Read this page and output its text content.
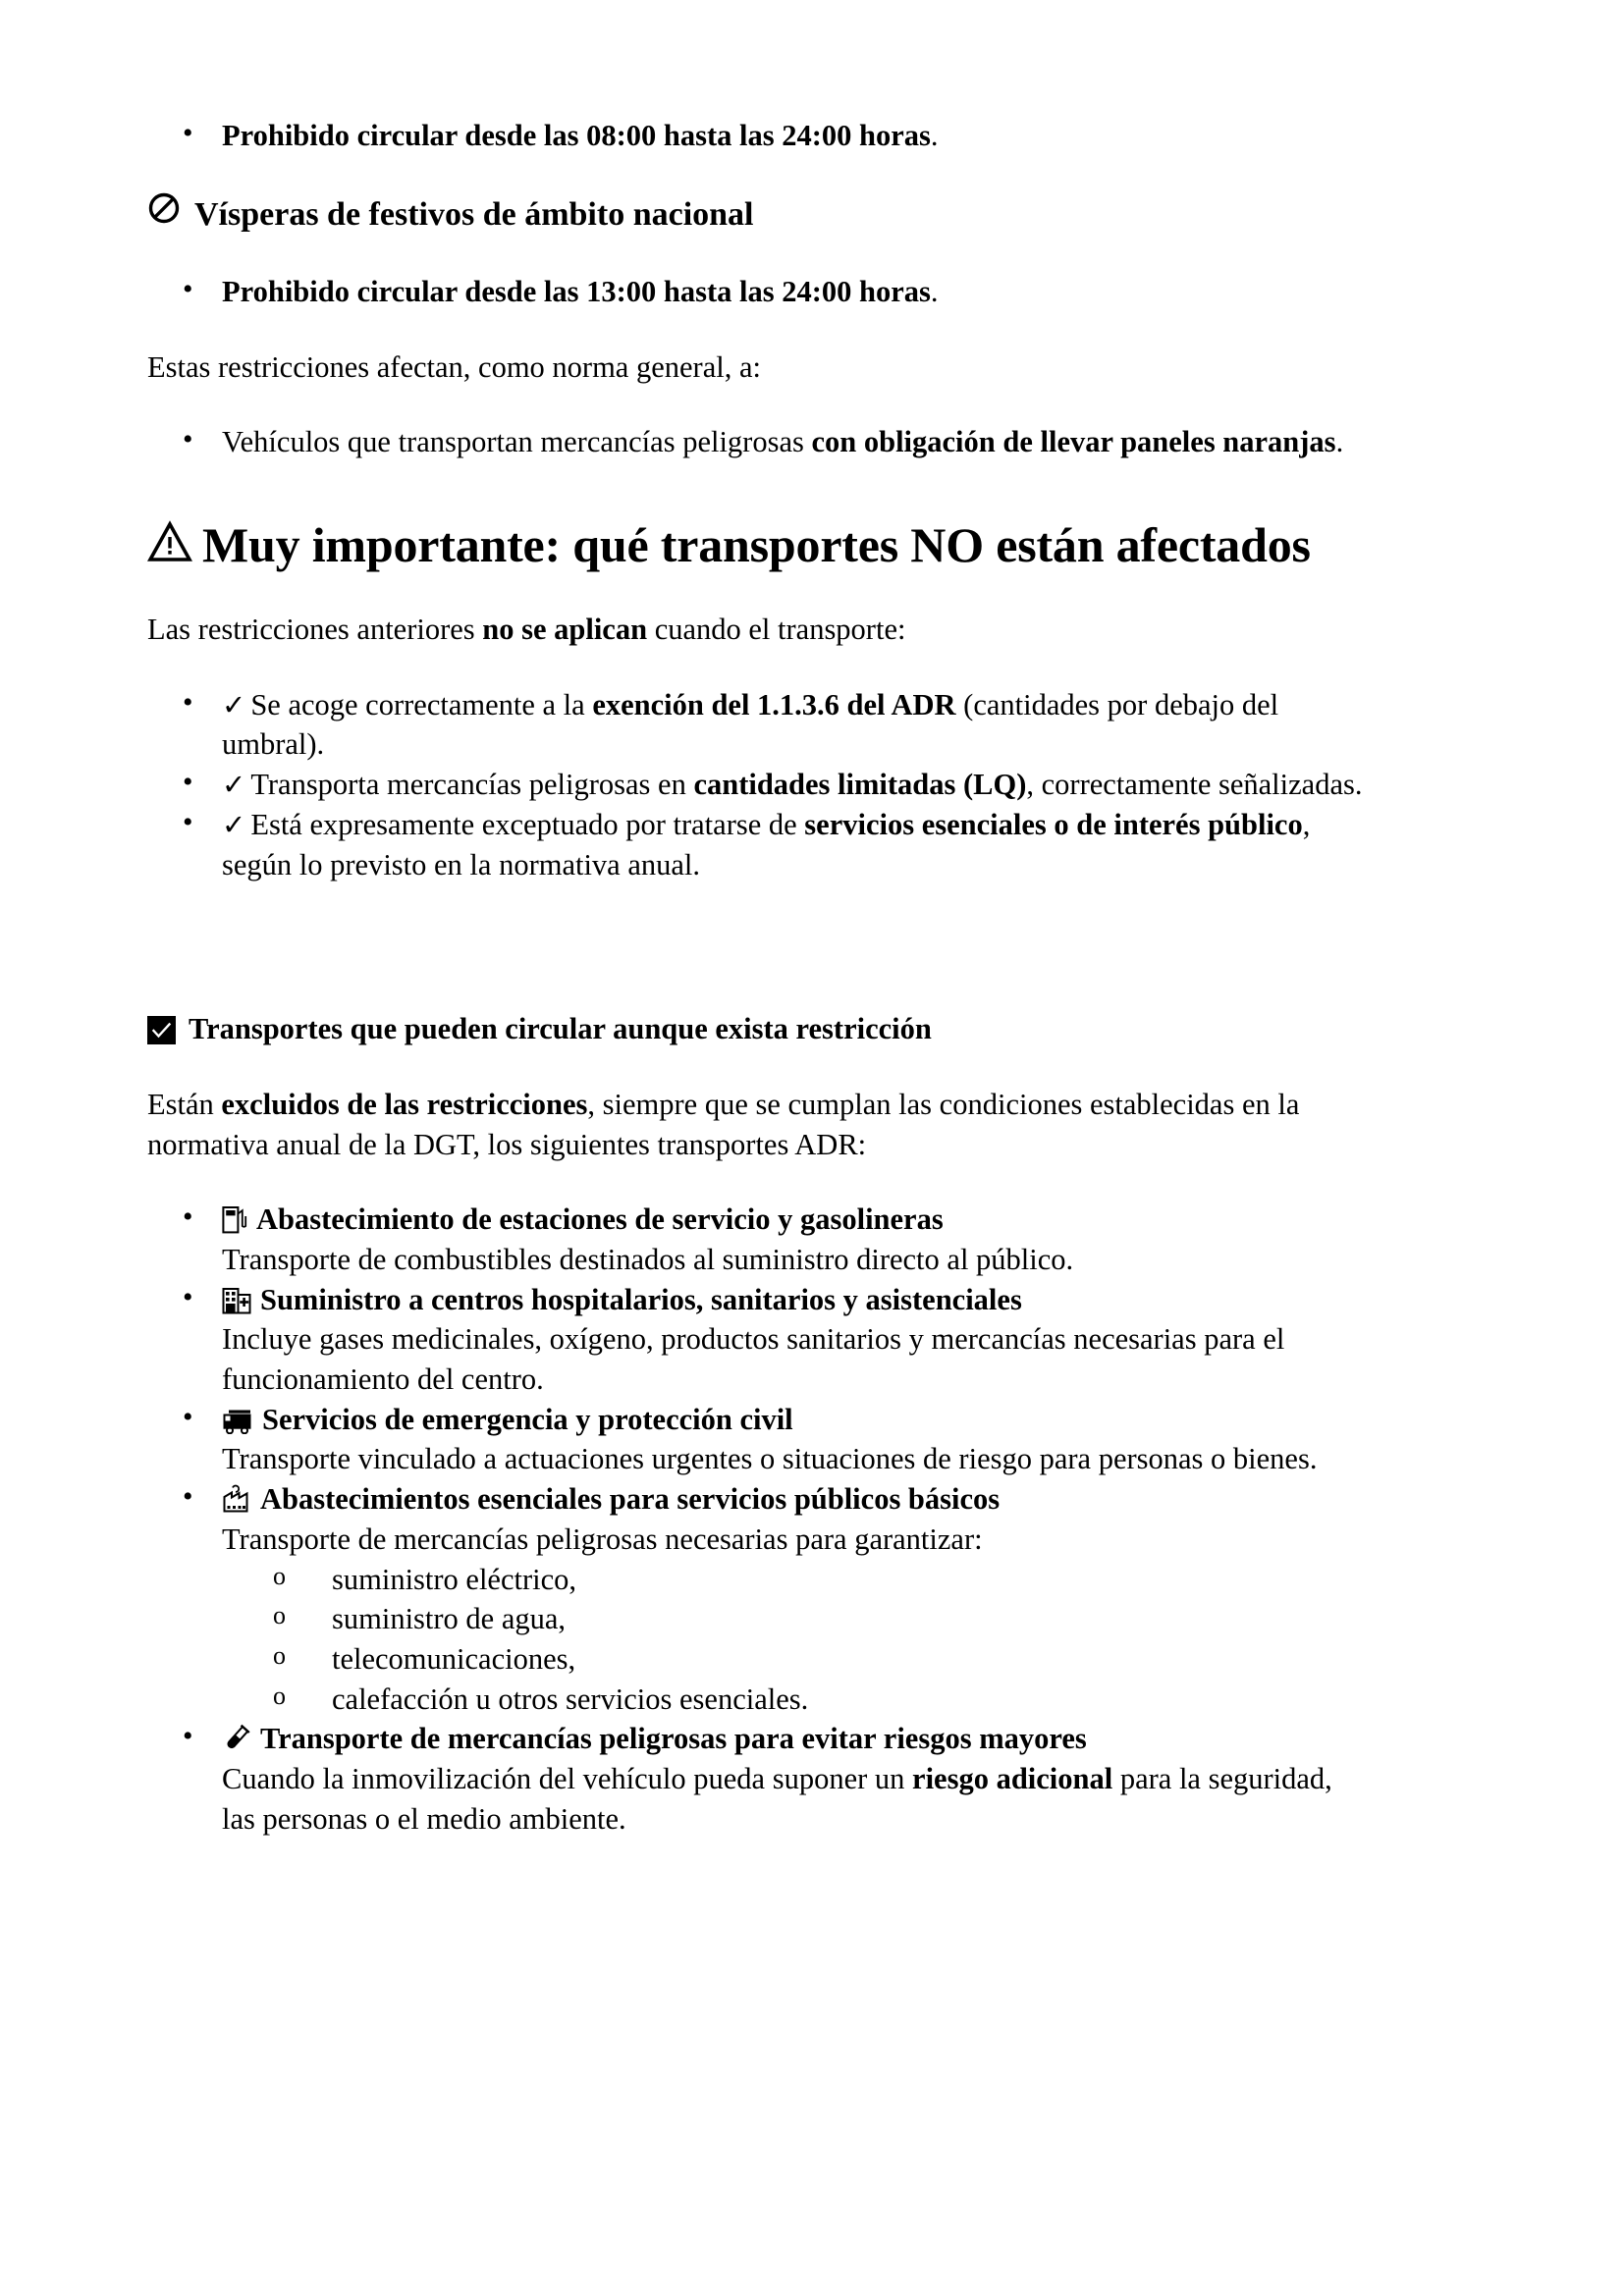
• Prohibido circular desde las 08:00 hasta las 24:00 horas.
Vísperas de festivos de ámbito nacional
• Prohibido circular desde las 13:00 hasta las 24:00 horas.

Estas restricciones afectan, como norma general, a:

• Vehículos que transportan mercancías peligrosas con obligación de llevar paneles naranjas.
Muy importante: qué transportes NO están afectados

Las restricciones anteriores no se aplican cuando el transporte:

• ✓ Se acoge correctamente a la exención del 1.1.3.6 del ADR (cantidades por debajo del umbral).
• ✓ Transporta mercancías peligrosas en cantidades limitadas (LQ), correctamente señalizadas.
• ✓ Está expresamente exceptuado por tratarse de servicios esenciales o de interés público, según lo previsto en la normativa anual.
Transportes que pueden circular aunque exista restricción

Están excluidos de las restricciones, siempre que se cumplan las condiciones establecidas en la normativa anual de la DGT, los siguientes transportes ADR:

• Abastecimiento de estaciones de servicio y gasolineras
Transporte de combustibles destinados al suministro directo al público.
• Suministro a centros hospitalarios, sanitarios y asistenciales
Incluye gases medicinales, oxígeno, productos sanitarios y mercancías necesarias para el funcionamiento del centro.
• Servicios de emergencia y protección civil
Transporte vinculado a actuaciones urgentes o situaciones de riesgo para personas o bienes.
• Abastecimientos esenciales para servicios públicos básicos
Transporte de mercancías peligrosas necesarias para garantizar:
o suministro eléctrico,
o suministro de agua,
o telecomunicaciones,
o calefacción u otros servicios esenciales.
• Transporte de mercancías peligrosas para evitar riesgos mayores
Cuando la inmovilización del vehículo pueda suponer un riesgo adicional para la seguridad, las personas o el medio ambiente.
